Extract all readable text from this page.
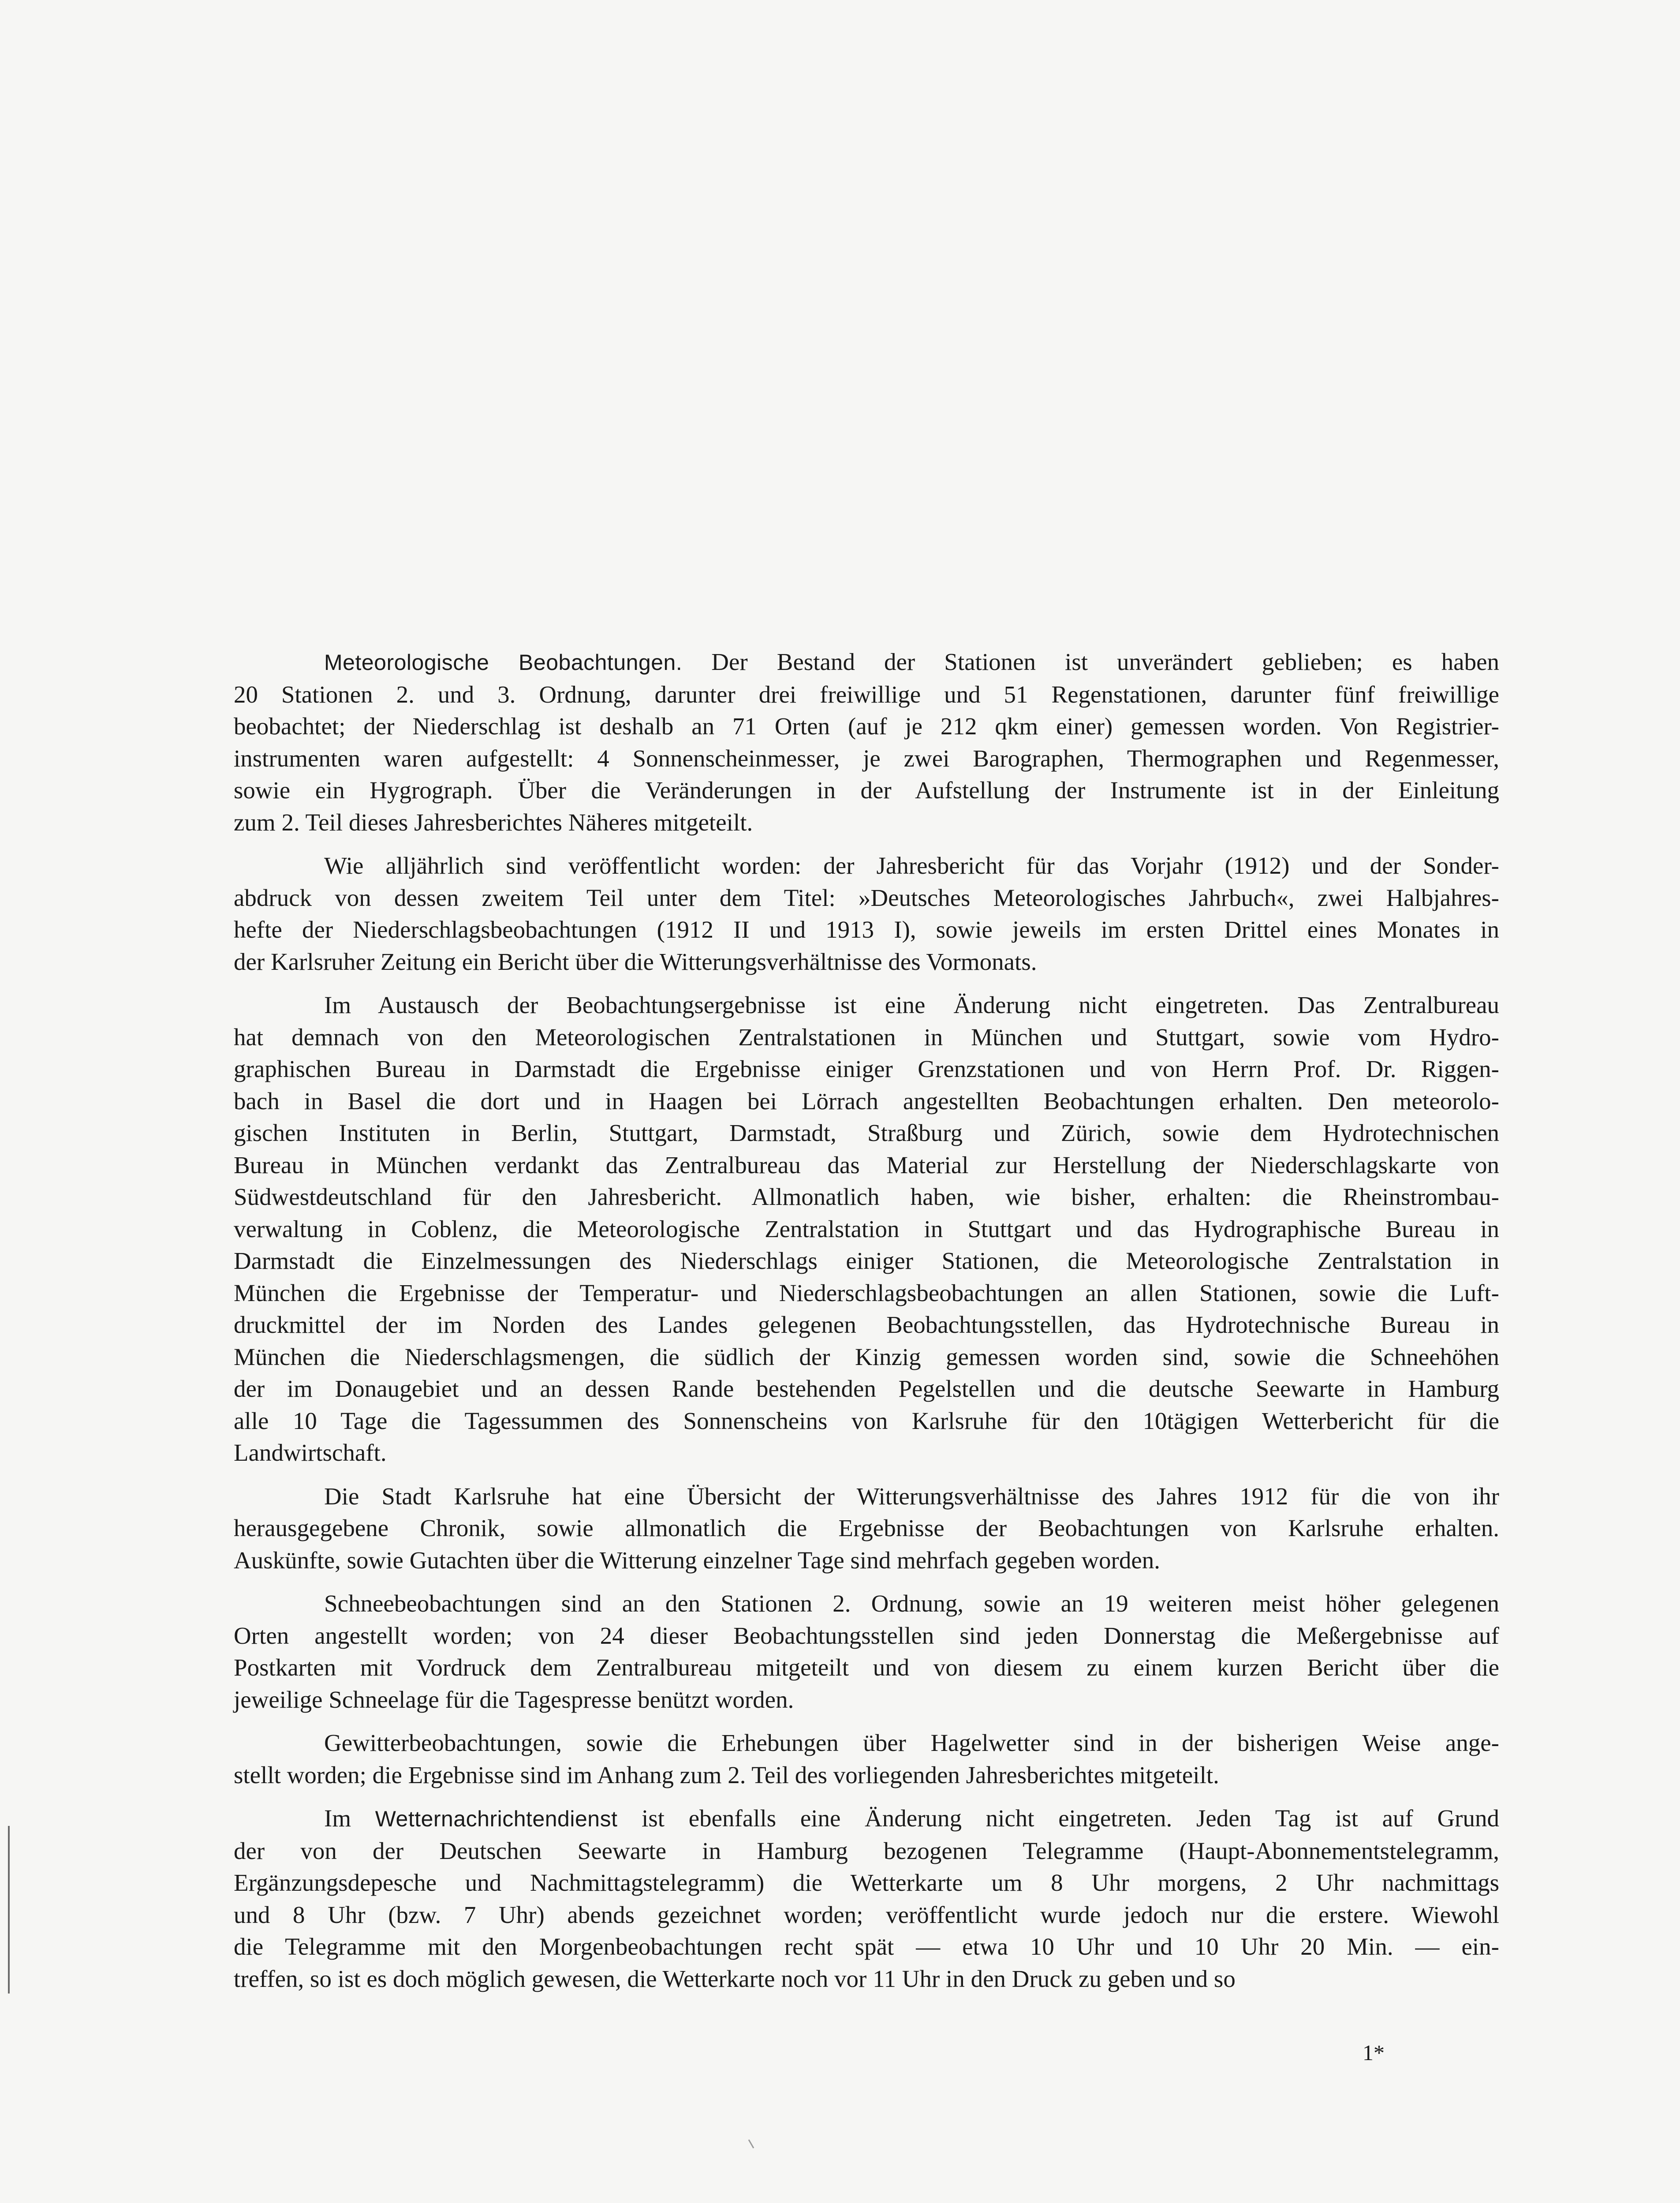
Meteorologische Beobachtungen. Der Bestand der Stationen ist unverändert geblieben; es haben
20 Stationen 2. und 3. Ordnung, darunter drei freiwillige und 51 Regenstationen, darunter fünf freiwillige
beobachtet; der Niederschlag ist deshalb an 71 Orten (auf je 212 qkm einer) gemessen worden. Von Registrier-
instrumenten waren aufgestellt: 4 Sonnenscheinmesser, je zwei Barographen, Thermographen und Regenmesser,
sowie ein Hygrograph. Über die Veränderungen in der Aufstellung der Instrumente ist in der Einleitung
zum 2. Teil dieses Jahresberichtes Näheres mitgeteilt.

Wie alljährlich sind veröffentlicht worden: der Jahresbericht für das Vorjahr (1912) und der Sonder-
abdruck von dessen zweitem Teil unter dem Titel: »Deutsches Meteorologisches Jahrbuch«, zwei Halbjahres-
hefte der Niederschlagsbeobachtungen (1912 II und 1913 I), sowie jeweils im ersten Drittel eines Monates in
der Karlsruher Zeitung ein Bericht über die Witterungsverhältnisse des Vormonats.

Im Austausch der Beobachtungsergebnisse ist eine Änderung nicht eingetreten. Das Zentralbureau
hat demnach von den Meteorologischen Zentralstationen in München und Stuttgart, sowie vom Hydro-
graphischen Bureau in Darmstadt die Ergebnisse einiger Grenzstationen und von Herrn Prof. Dr. Riggen-
bach in Basel die dort und in Haagen bei Lörrach angestellten Beobachtungen erhalten. Den meteorolo-
gischen Instituten in Berlin, Stuttgart, Darmstadt, Straßburg und Zürich, sowie dem Hydrotechnischen
Bureau in München verdankt das Zentralbureau das Material zur Herstellung der Niederschlagskarte von
Südwestdeutschland für den Jahresbericht. Allmonatlich haben, wie bisher, erhalten: die Rheinstrombau-
verwaltung in Coblenz, die Meteorologische Zentralstation in Stuttgart und das Hydrographische Bureau in
Darmstadt die Einzelmessungen des Niederschlags einiger Stationen, die Meteorologische Zentralstation in
München die Ergebnisse der Temperatur- und Niederschlagsbeobachtungen an allen Stationen, sowie die Luft-
druckmittel der im Norden des Landes gelegenen Beobachtungsstellen, das Hydrotechnische Bureau in
München die Niederschlagsmengen, die südlich der Kinzig gemessen worden sind, sowie die Schneehöhen
der im Donaugebiet und an dessen Rande bestehenden Pegelstellen und die deutsche Seewarte in Hamburg
alle 10 Tage die Tagessummen des Sonnenscheins von Karlsruhe für den 10tägigen Wetterbericht für die
Landwirtschaft.

Die Stadt Karlsruhe hat eine Übersicht der Witterungsverhältnisse des Jahres 1912 für die von ihr
herausgegebene Chronik, sowie allmonatlich die Ergebnisse der Beobachtungen von Karlsruhe erhalten.
Auskünfte, sowie Gutachten über die Witterung einzelner Tage sind mehrfach gegeben worden.

Schneebeobachtungen sind an den Stationen 2. Ordnung, sowie an 19 weiteren meist höher gelegenen
Orten angestellt worden; von 24 dieser Beobachtungsstellen sind jeden Donnerstag die Meßergebnisse auf
Postkarten mit Vordruck dem Zentralbureau mitgeteilt und von diesem zu einem kurzen Bericht über die
jeweilige Schneelage für die Tagespresse benützt worden.

Gewitterbeobachtungen, sowie die Erhebungen über Hagelwetter sind in der bisherigen Weise ange-
stellt worden; die Ergebnisse sind im Anhang zum 2. Teil des vorliegenden Jahresberichtes mitgeteilt.

Im Wetternachrichtendienst ist ebenfalls eine Änderung nicht eingetreten. Jeden Tag ist auf Grund
der von der Deutschen Seewarte in Hamburg bezogenen Telegramme (Haupt-Abonnementstelegramm,
Ergänzungsdepesche und Nachmittagstelegramm) die Wetterkarte um 8 Uhr morgens, 2 Uhr nachmittags
und 8 Uhr (bzw. 7 Uhr) abends gezeichnet worden; veröffentlicht wurde jedoch nur die erstere. Wiewohl
die Telegramme mit den Morgenbeobachtungen recht spät — etwa 10 Uhr und 10 Uhr 20 Min. — ein-
treffen, so ist es doch möglich gewesen, die Wetterkarte noch vor 11 Uhr in den Druck zu geben und so

1*
